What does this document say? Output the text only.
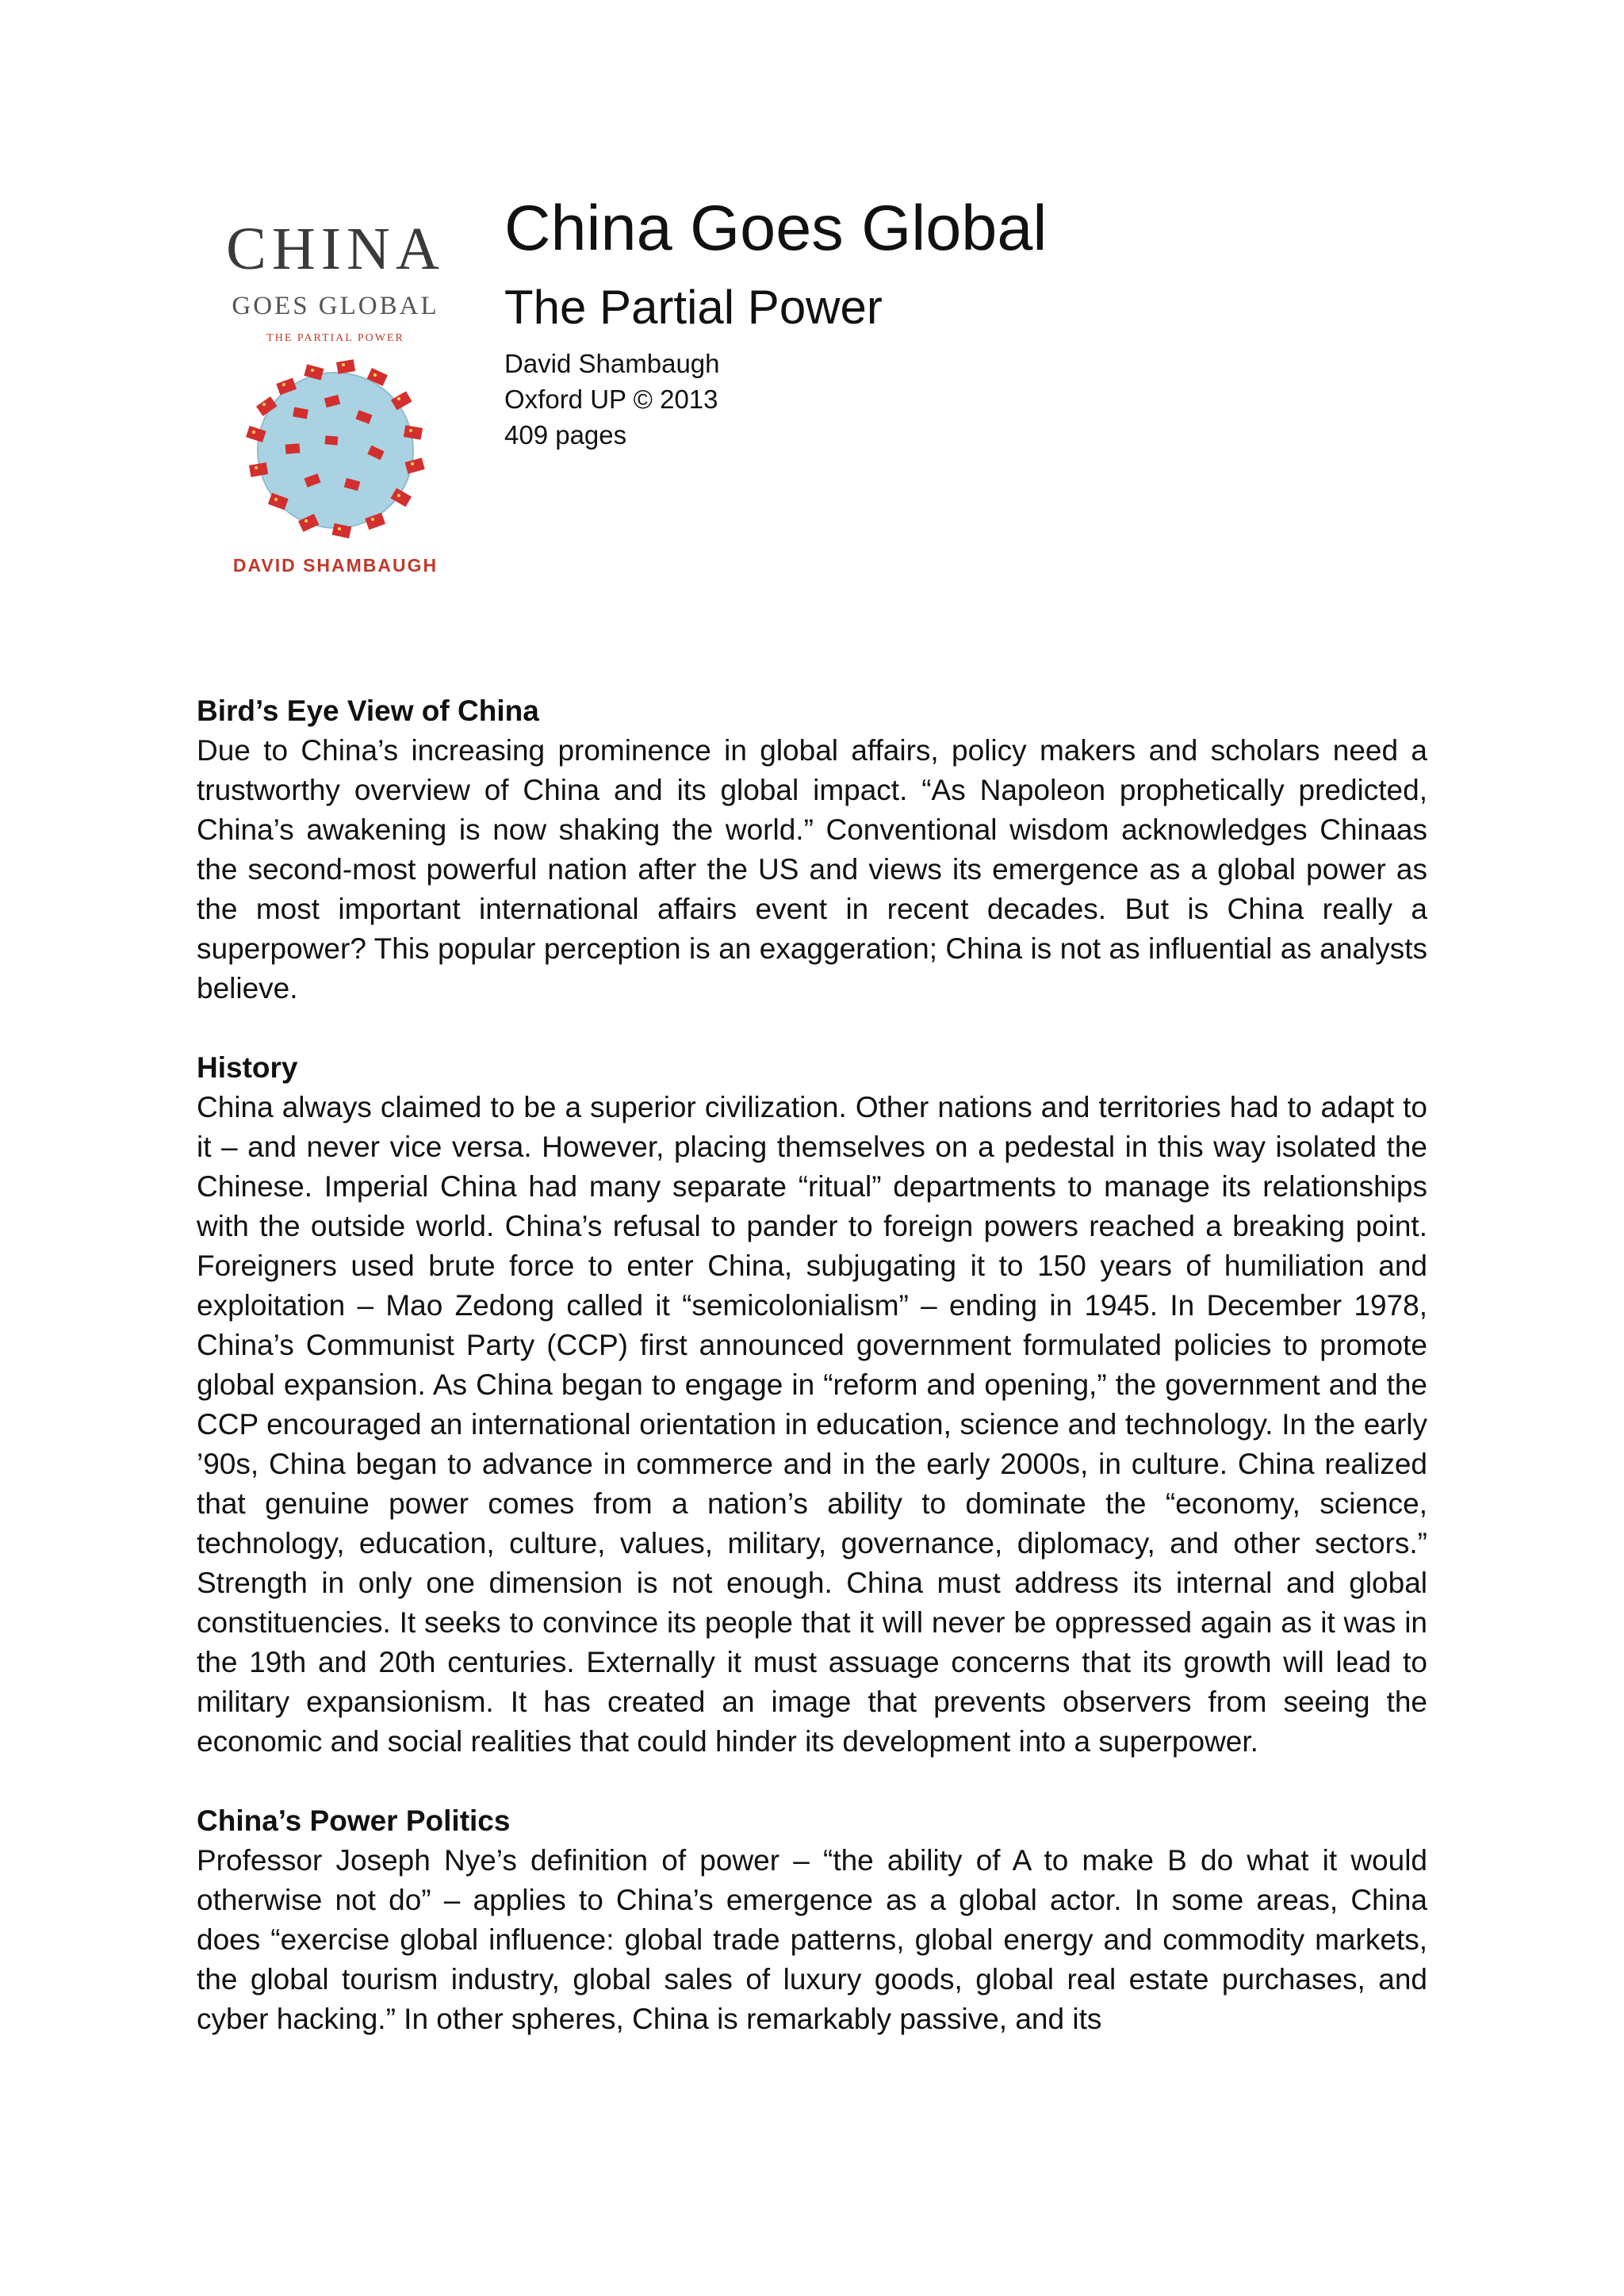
CHINA
GOES GLOBAL
THE PARTIAL POWER
DAVID SHAMBAUGH
China Goes Global
The Partial Power
David Shambaugh
Oxford UP © 2013
409 pages
Bird’s Eye View of China

Due to China’s increasing prominence in global affairs, policy makers and scholars need a trustworthy overview of China and its global impact. “As Napoleon prophetically predicted, China’s awakening is now shaking the world.” Conventional wisdom acknowledges Chinaas the second-most powerful nation after the US and views its emergence as a global power as the most important international affairs event in recent decades. But is China really a superpower? This popular perception is an exaggeration; China is not as influential as analysts believe.

History

China always claimed to be a superior civilization. Other nations and territories had to adapt to it – and never vice versa. However, placing themselves on a pedestal in this way isolated the Chinese. Imperial China had many separate “ritual” departments to manage its relationships with the outside world. China’s refusal to pander to foreign powers reached a breaking point. Foreigners used brute force to enter China, subjugating it to 150 years of humiliation and exploitation – Mao Zedong called it “semicolonialism” – ending in 1945. In December 1978, China’s Communist Party (CCP) first announced government formulated policies to promote global expansion. As China began to engage in “reform and opening,” the government and the CCP encouraged an international orientation in education, science and technology. In the early ’90s, China began to advance in commerce and in the early 2000s, in culture. China realized that genuine power comes from a nation’s ability to dominate the “economy, science, technology, education, culture, values, military, governance, diplomacy, and other sectors.” Strength in only one dimension is not enough. China must address its internal and global constituencies. It seeks to convince its people that it will never be oppressed again as it was in the 19th and 20th centuries. Externally it must assuage concerns that its growth will lead to military expansionism. It has created an image that prevents observers from seeing the economic and social realities that could hinder its development into a superpower.

China’s Power Politics

Professor Joseph Nye’s definition of power – “the ability of A to make B do what it would otherwise not do” – applies to China’s emergence as a global actor. In some areas, China does “exercise global influence: global trade patterns, global energy and commodity markets, the global tourism industry, global sales of luxury goods, global real estate purchases, and cyber hacking.” In other spheres, China is remarkably passive, and its
